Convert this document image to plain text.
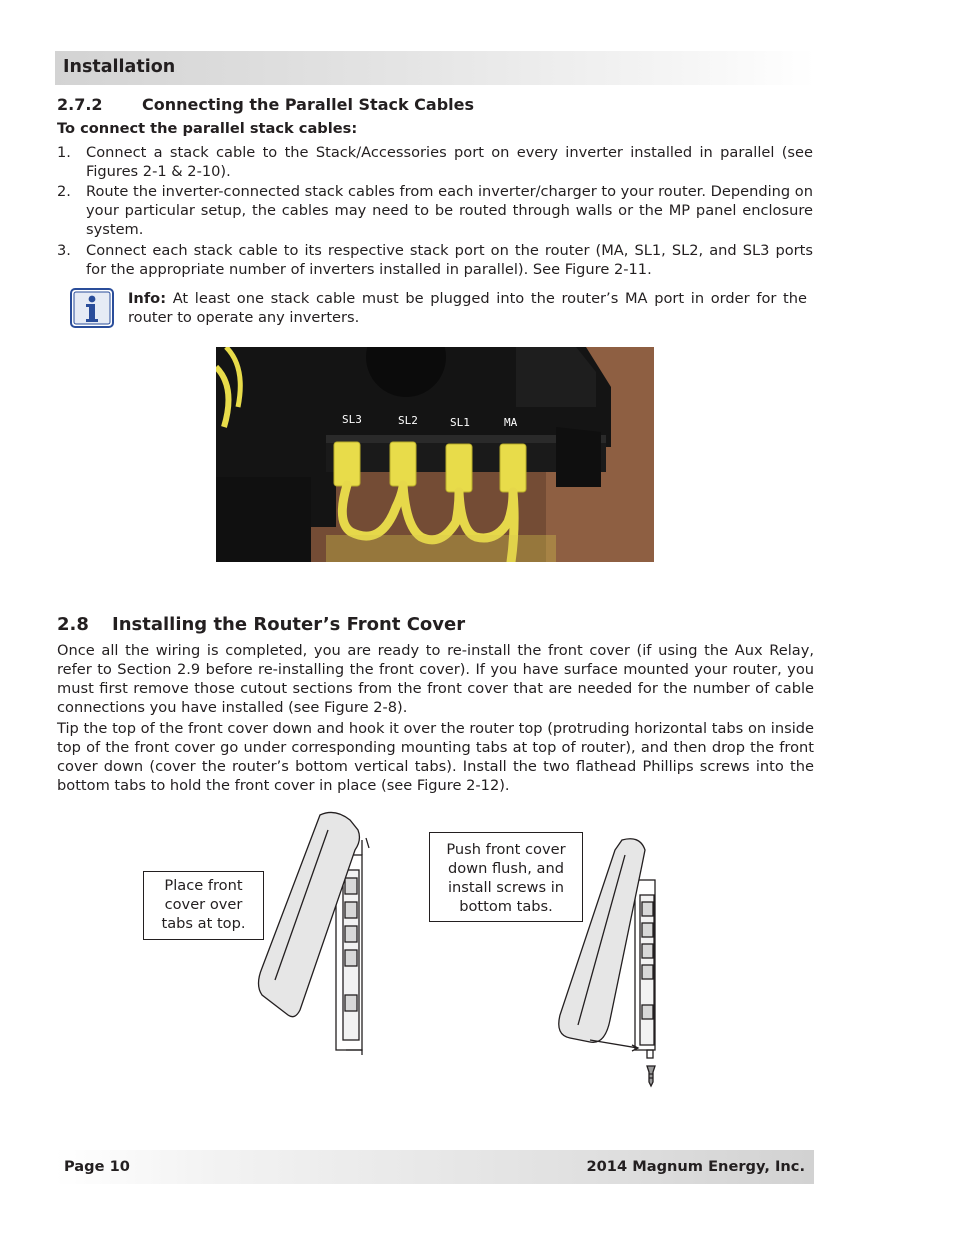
Installation
2.7.2 Connecting the Parallel Stack Cables
To connect the parallel stack cables:
1. Connect a stack cable to the Stack/Accessories port on every inverter installed in parallel (see Figures 2-1 & 2-10).
2. Route the inverter-connected stack cables from each inverter/charger to your router. Depending on your particular setup, the cables may need to be routed through walls or the MP panel enclosure system.
3. Connect each stack cable to its respective stack port on the router (MA, SL1, SL2, and SL3 ports for the appropriate number of inverters installed in parallel). See Figure 2-11.
Info: At least one stack cable must be plugged into the router’s MA port in order for the router to operate any inverters.
SL3	SL2	SL1	MA
2.8 Installing the Router’s Front Cover
Once all the wiring is completed, you are ready to re-install the front cover (if using the Aux Relay, refer to Section 2.9 before re-installing the front cover). If you have surface mounted your router, you must first remove those cutout sections from the front cover that are needed for the number of cable connections you have installed (see Figure 2-8).
Tip the top of the front cover down and hook it over the router top (protruding horizontal tabs on inside top of the front cover go under corresponding mounting tabs at top of router), and then drop the front cover down (cover the router’s bottom vertical tabs). Install the two flathead Phillips screws into the bottom tabs to hold the front cover in place (see Figure 2-12).
Place front
cover over
tabs at top.
Push front cover
down flush, and
install screws in
bottom tabs.
Page 10	2014 Magnum Energy, Inc.
